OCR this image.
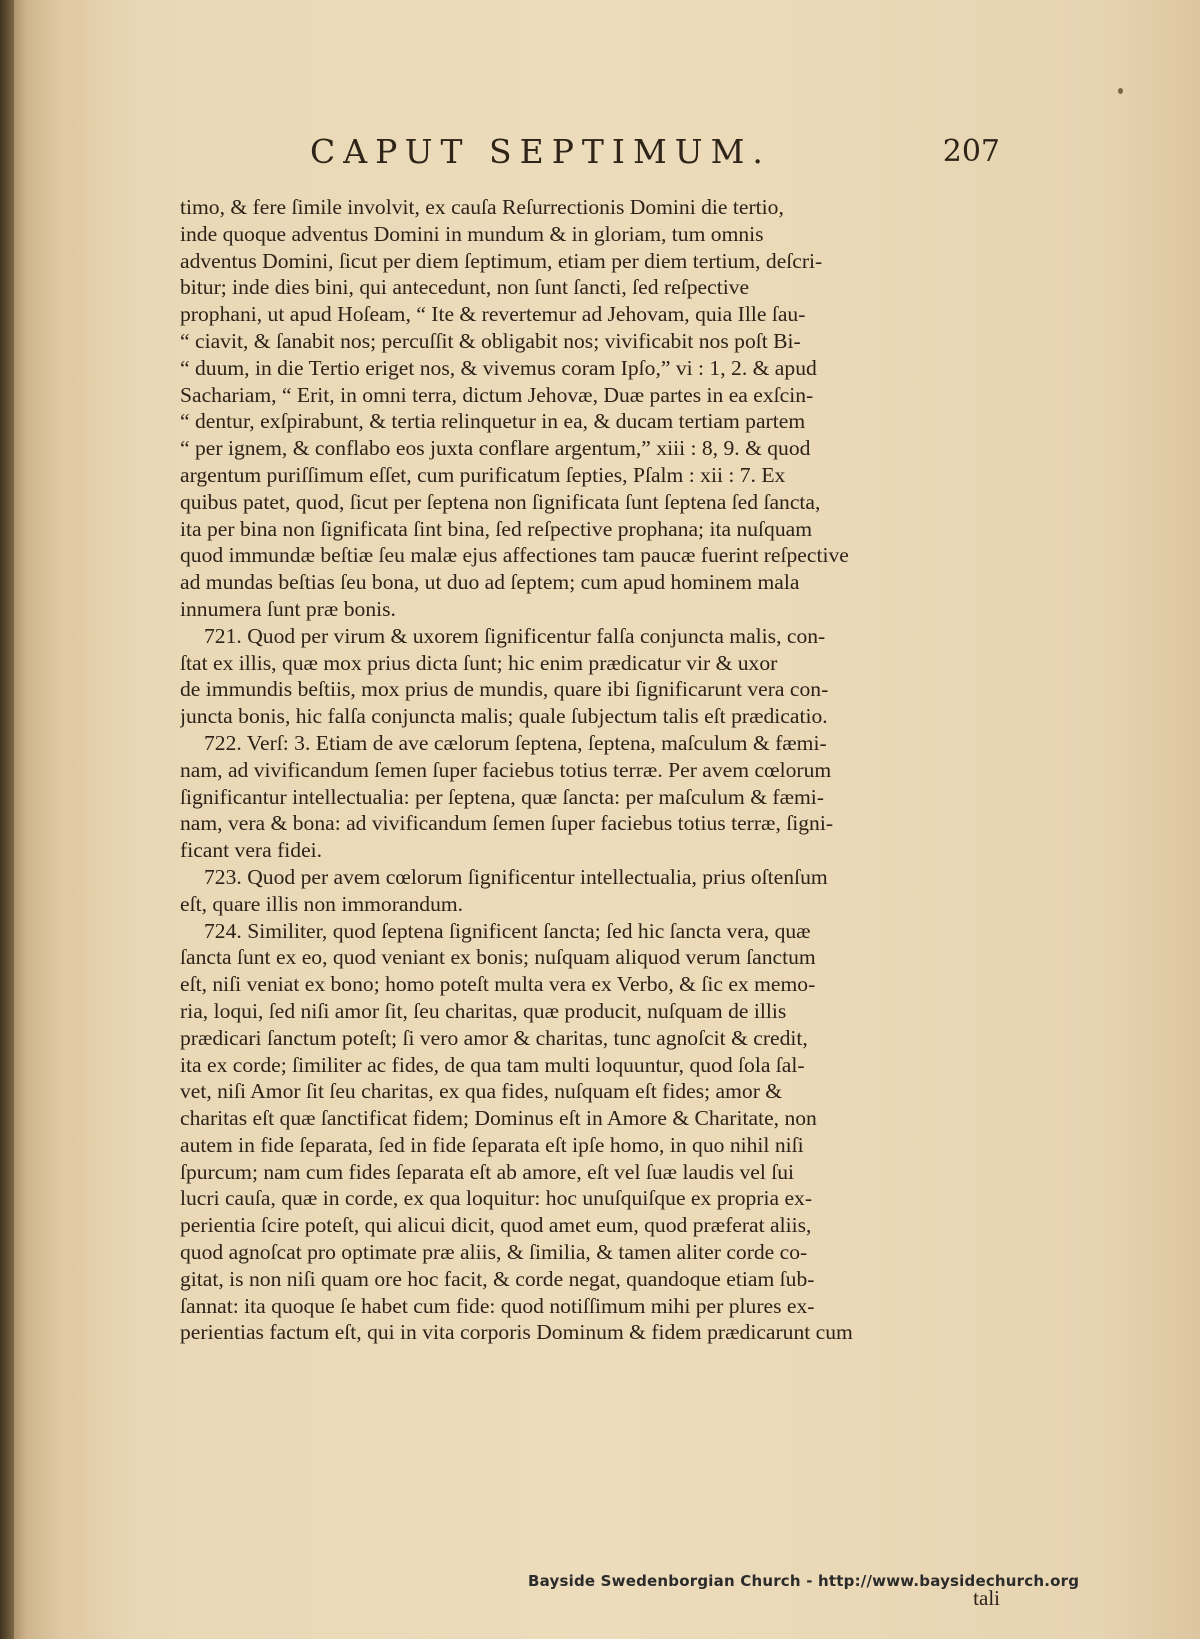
CAPUT SEPTIMUM.	207
timo, & fere ſimile involvit, ex cauſa Reſurrectionis Domini die tertio,
inde quoque adventus Domini in mundum & in gloriam, tum omnis
adventus Domini, ſicut per diem ſeptimum, etiam per diem tertium, deſcri-
bitur; inde dies bini, qui antecedunt, non ſunt ſancti, ſed reſpective
prophani, ut apud Hoſeam, “ Ite & revertemur ad Jehovam, quia Ille ſau-
“ ciavit, & ſanabit nos; percuſſit & obligabit nos; vivificabit nos poſt Bi-
“ duum, in die Tertio eriget nos, & vivemus coram Ipſo,” vi : 1, 2. & apud
Sachariam, “ Erit, in omni terra, dictum Jehovæ, Duæ partes in ea exſcin-
“ dentur, exſpirabunt, & tertia relinquetur in ea, & ducam tertiam partem
“ per ignem, & conflabo eos juxta conflare argentum,” xiii : 8, 9. & quod
argentum puriſſimum eſſet, cum purificatum ſepties, Pſalm : xii : 7. Ex
quibus patet, quod, ſicut per ſeptena non ſignificata ſunt ſeptena ſed ſancta,
ita per bina non ſignificata ſint bina, ſed reſpective prophana; ita nuſquam
quod immundæ beſtiæ ſeu malæ ejus affectiones tam paucæ fuerint reſpective
ad mundas beſtias ſeu bona, ut duo ad ſeptem; cum apud hominem mala
innumera ſunt præ bonis.
721. Quod per virum & uxorem ſignificentur falſa conjuncta malis, con-
ſtat ex illis, quæ mox prius dicta ſunt; hic enim prædicatur vir & uxor
de immundis beſtiis, mox prius de mundis, quare ibi ſignificarunt vera con-
juncta bonis, hic falſa conjuncta malis; quale ſubjectum talis eſt prædicatio.
722. Verſ: 3. Etiam de ave cælorum ſeptena, ſeptena, maſculum & fæmi-
nam, ad vivificandum ſemen ſuper faciebus totius terræ. Per avem cœlorum
ſignificantur intellectualia: per ſeptena, quæ ſancta: per maſculum & fæmi-
nam, vera & bona: ad vivificandum ſemen ſuper faciebus totius terræ, ſigni-
ficant vera fidei.
723. Quod per avem cœlorum ſignificentur intellectualia, prius oſtenſum
eſt, quare illis non immorandum.
724. Similiter, quod ſeptena ſignificent ſancta; ſed hic ſancta vera, quæ
ſancta ſunt ex eo, quod veniant ex bonis; nuſquam aliquod verum ſanctum
eſt, niſi veniat ex bono; homo poteſt multa vera ex Verbo, & ſic ex memo-
ria, loqui, ſed niſi amor ſit, ſeu charitas, quæ producit, nuſquam de illis
prædicari ſanctum poteſt; ſi vero amor & charitas, tunc agnoſcit & credit,
ita ex corde; ſimiliter ac fides, de qua tam multi loquuntur, quod ſola ſal-
vet, niſi Amor ſit ſeu charitas, ex qua fides, nuſquam eſt fides; amor &
charitas eſt quæ ſanctificat fidem; Dominus eſt in Amore & Charitate, non
autem in fide ſeparata, ſed in fide ſeparata eſt ipſe homo, in quo nihil niſi
ſpurcum; nam cum fides ſeparata eſt ab amore, eſt vel ſuæ laudis vel ſui
lucri cauſa, quæ in corde, ex qua loquitur: hoc unuſquiſque ex propria ex-
perientia ſcire poteſt, qui alicui dicit, quod amet eum, quod præferat aliis,
quod agnoſcat pro optimate præ aliis, & ſimilia, & tamen aliter corde co-
gitat, is non niſi quam ore hoc facit, & corde negat, quandoque etiam ſub-
ſannat: ita quoque ſe habet cum fide: quod notiſſimum mihi per plures ex-
perientias factum eſt, qui in vita corporis Dominum & fidem prædicarunt cum
tali
Bayside Swedenborgian Church - http://www.baysidechurch.org
